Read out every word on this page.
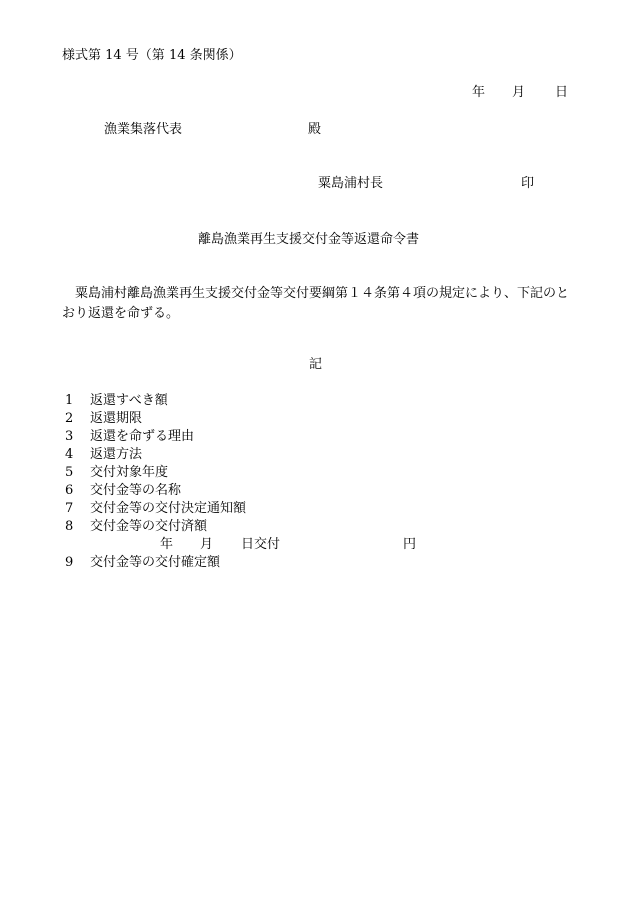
様式第 14 号（第 14 条関係）
年 月 日
漁業集落代表	殿
粟島浦村長	印
離島漁業再生支援交付金等返還命令書
粟島浦村離島漁業再生支援交付金等交付要綱第１４条第４項の規定により、下記のとおり返還を命ずる。
記
1 返還すべき額
2 返還期限
3 返還を命ずる理由
4 返還方法
5 交付対象年度
6 交付金等の名称
7 交付金等の交付決定通知額
8 交付金等の交付済額
年 月 日交付	円
9 交付金等の交付確定額
